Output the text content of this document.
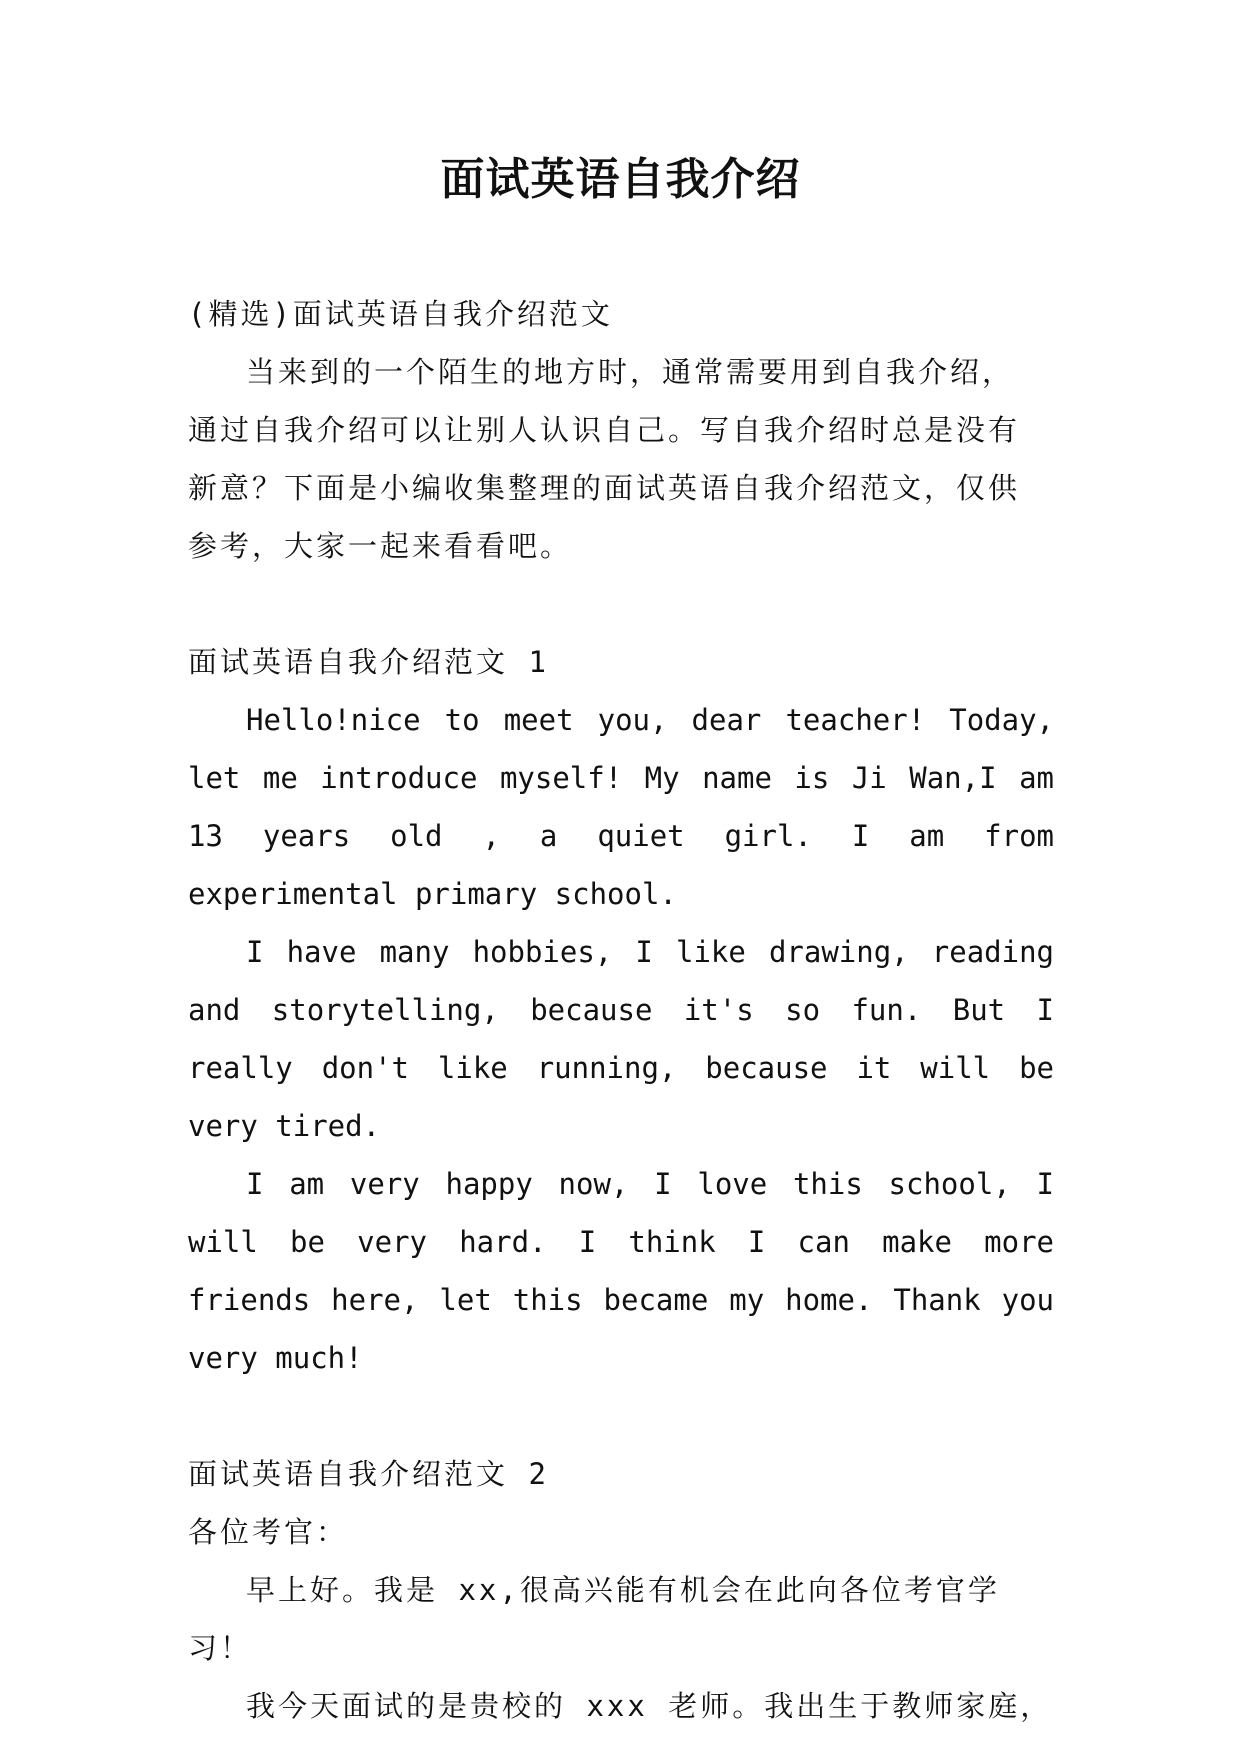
面试英语自我介绍

(精选)面试英语自我介绍范文

当来到的一个陌生的地方时，通常需要用到自我介绍，

通过自我介绍可以让别人认识自己。写自我介绍时总是没有

新意？下面是小编收集整理的面试英语自我介绍范文，仅供

参考，大家一起来看看吧。

面试英语自我介绍范文 1

Hello!nice to meet you, dear teacher! Today, let me introduce myself! My name is Ji Wan,I am 13 years old , a quiet girl. I am from experimental primary school.

I have many hobbies, I like drawing, reading and storytelling, because it's so fun. But I really don't like running, because it will be very tired.

I am very happy now, I love this school, I will be very hard. I think I can make more friends here, let this became my home. Thank you very much!

面试英语自我介绍范文 2

各位考官：

早上好。我是 xx,很高兴能有机会在此向各位考官学习！

我今天面试的是贵校的 xxx 老师。我出生于教师家庭，
